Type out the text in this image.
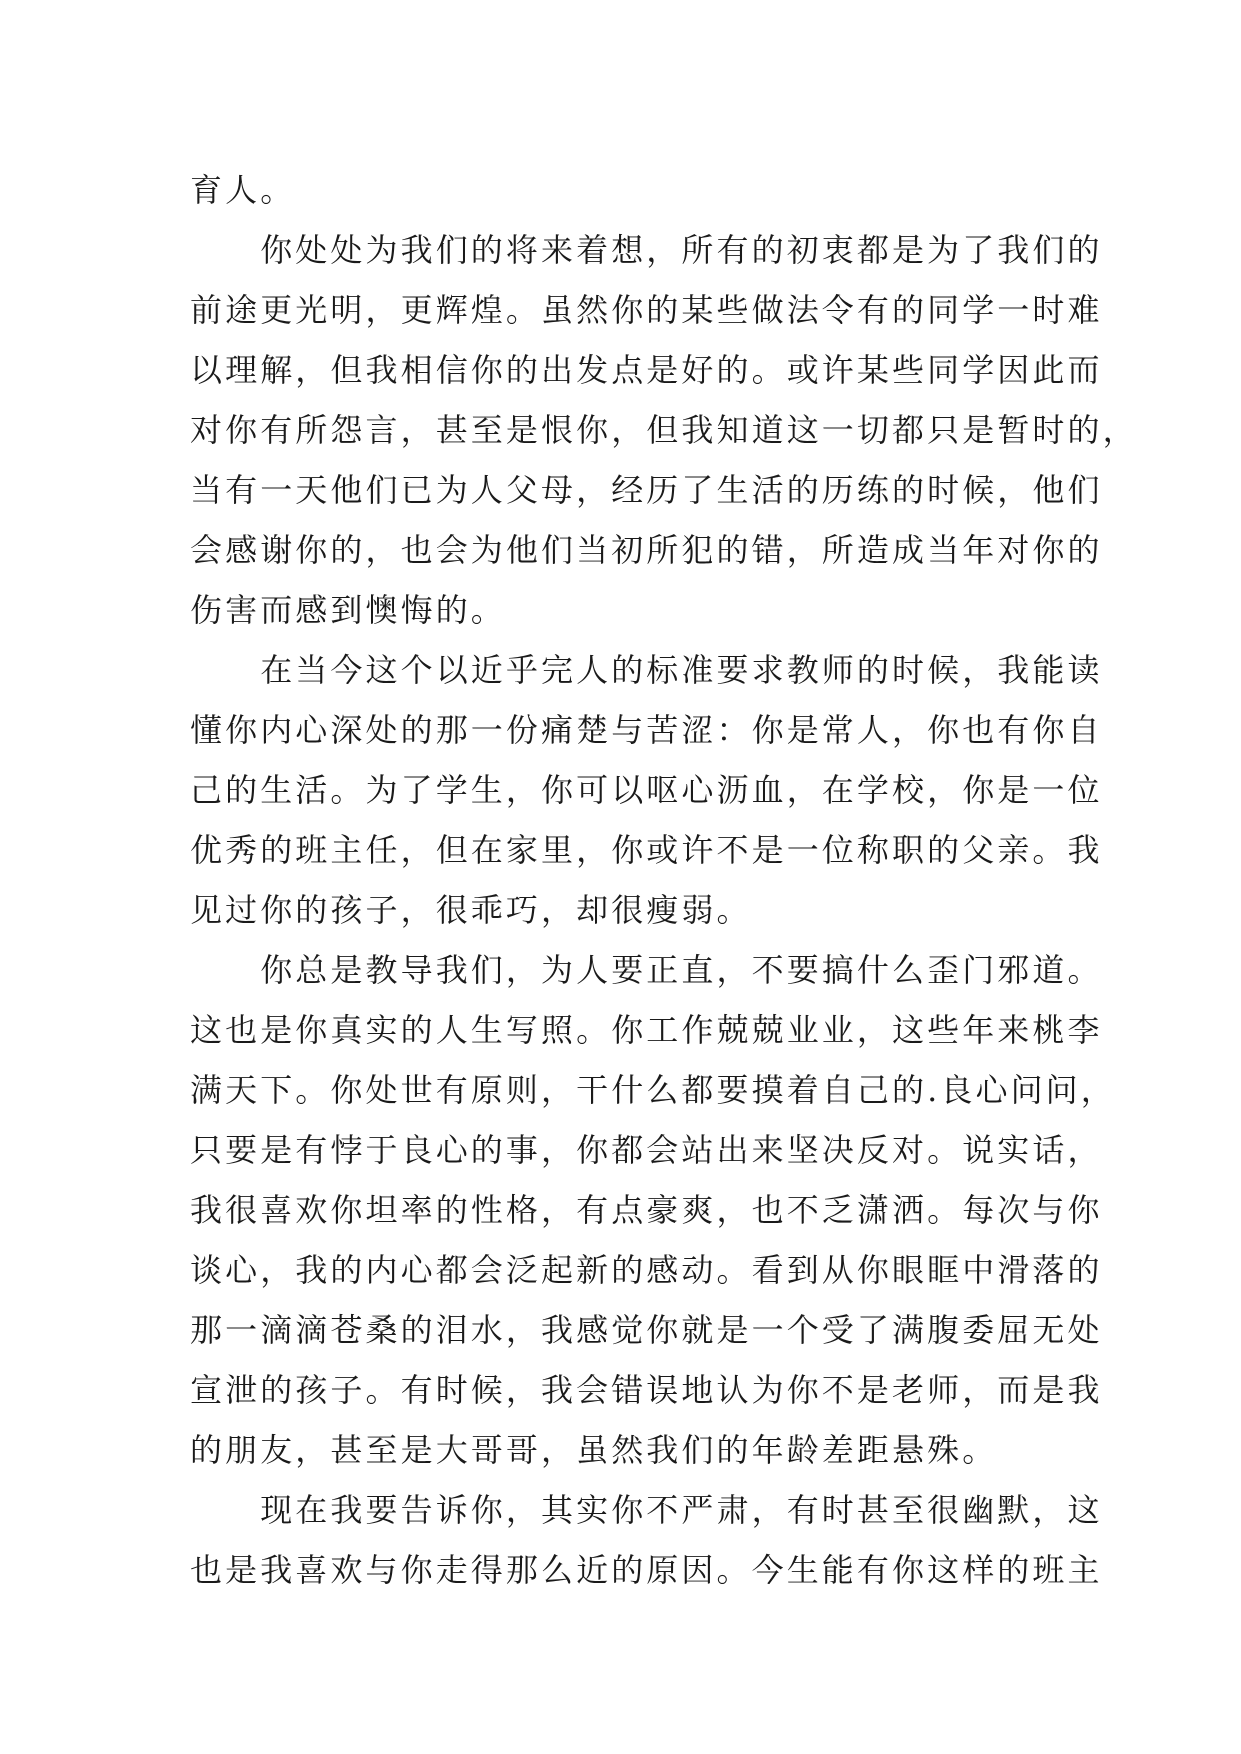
育人。
　　你处处为我们的将来着想，所有的初衷都是为了我们的
前途更光明，更辉煌。虽然你的某些做法令有的同学一时难
以理解，但我相信你的出发点是好的。或许某些同学因此而
对你有所怨言，甚至是恨你，但我知道这一切都只是暂时的，
当有一天他们已为人父母，经历了生活的历练的时候，他们
会感谢你的，也会为他们当初所犯的错，所造成当年对你的
伤害而感到懊悔的。
　　在当今这个以近乎完人的标准要求教师的时候，我能读
懂你内心深处的那一份痛楚与苦涩：你是常人，你也有你自
己的生活。为了学生，你可以呕心沥血，在学校，你是一位
优秀的班主任，但在家里，你或许不是一位称职的父亲。我
见过你的孩子，很乖巧，却很瘦弱。
　　你总是教导我们，为人要正直，不要搞什么歪门邪道。
这也是你真实的人生写照。你工作兢兢业业，这些年来桃李
满天下。你处世有原则，干什么都要摸着自己的.良心问问，
只要是有悖于良心的事，你都会站出来坚决反对。说实话，
我很喜欢你坦率的性格，有点豪爽，也不乏潇洒。每次与你
谈心，我的内心都会泛起新的感动。看到从你眼眶中滑落的
那一滴滴苍桑的泪水，我感觉你就是一个受了满腹委屈无处
宣泄的孩子。有时候，我会错误地认为你不是老师，而是我
的朋友，甚至是大哥哥，虽然我们的年龄差距悬殊。
　　现在我要告诉你，其实你不严肃，有时甚至很幽默，这
也是我喜欢与你走得那么近的原因。今生能有你这样的班主
